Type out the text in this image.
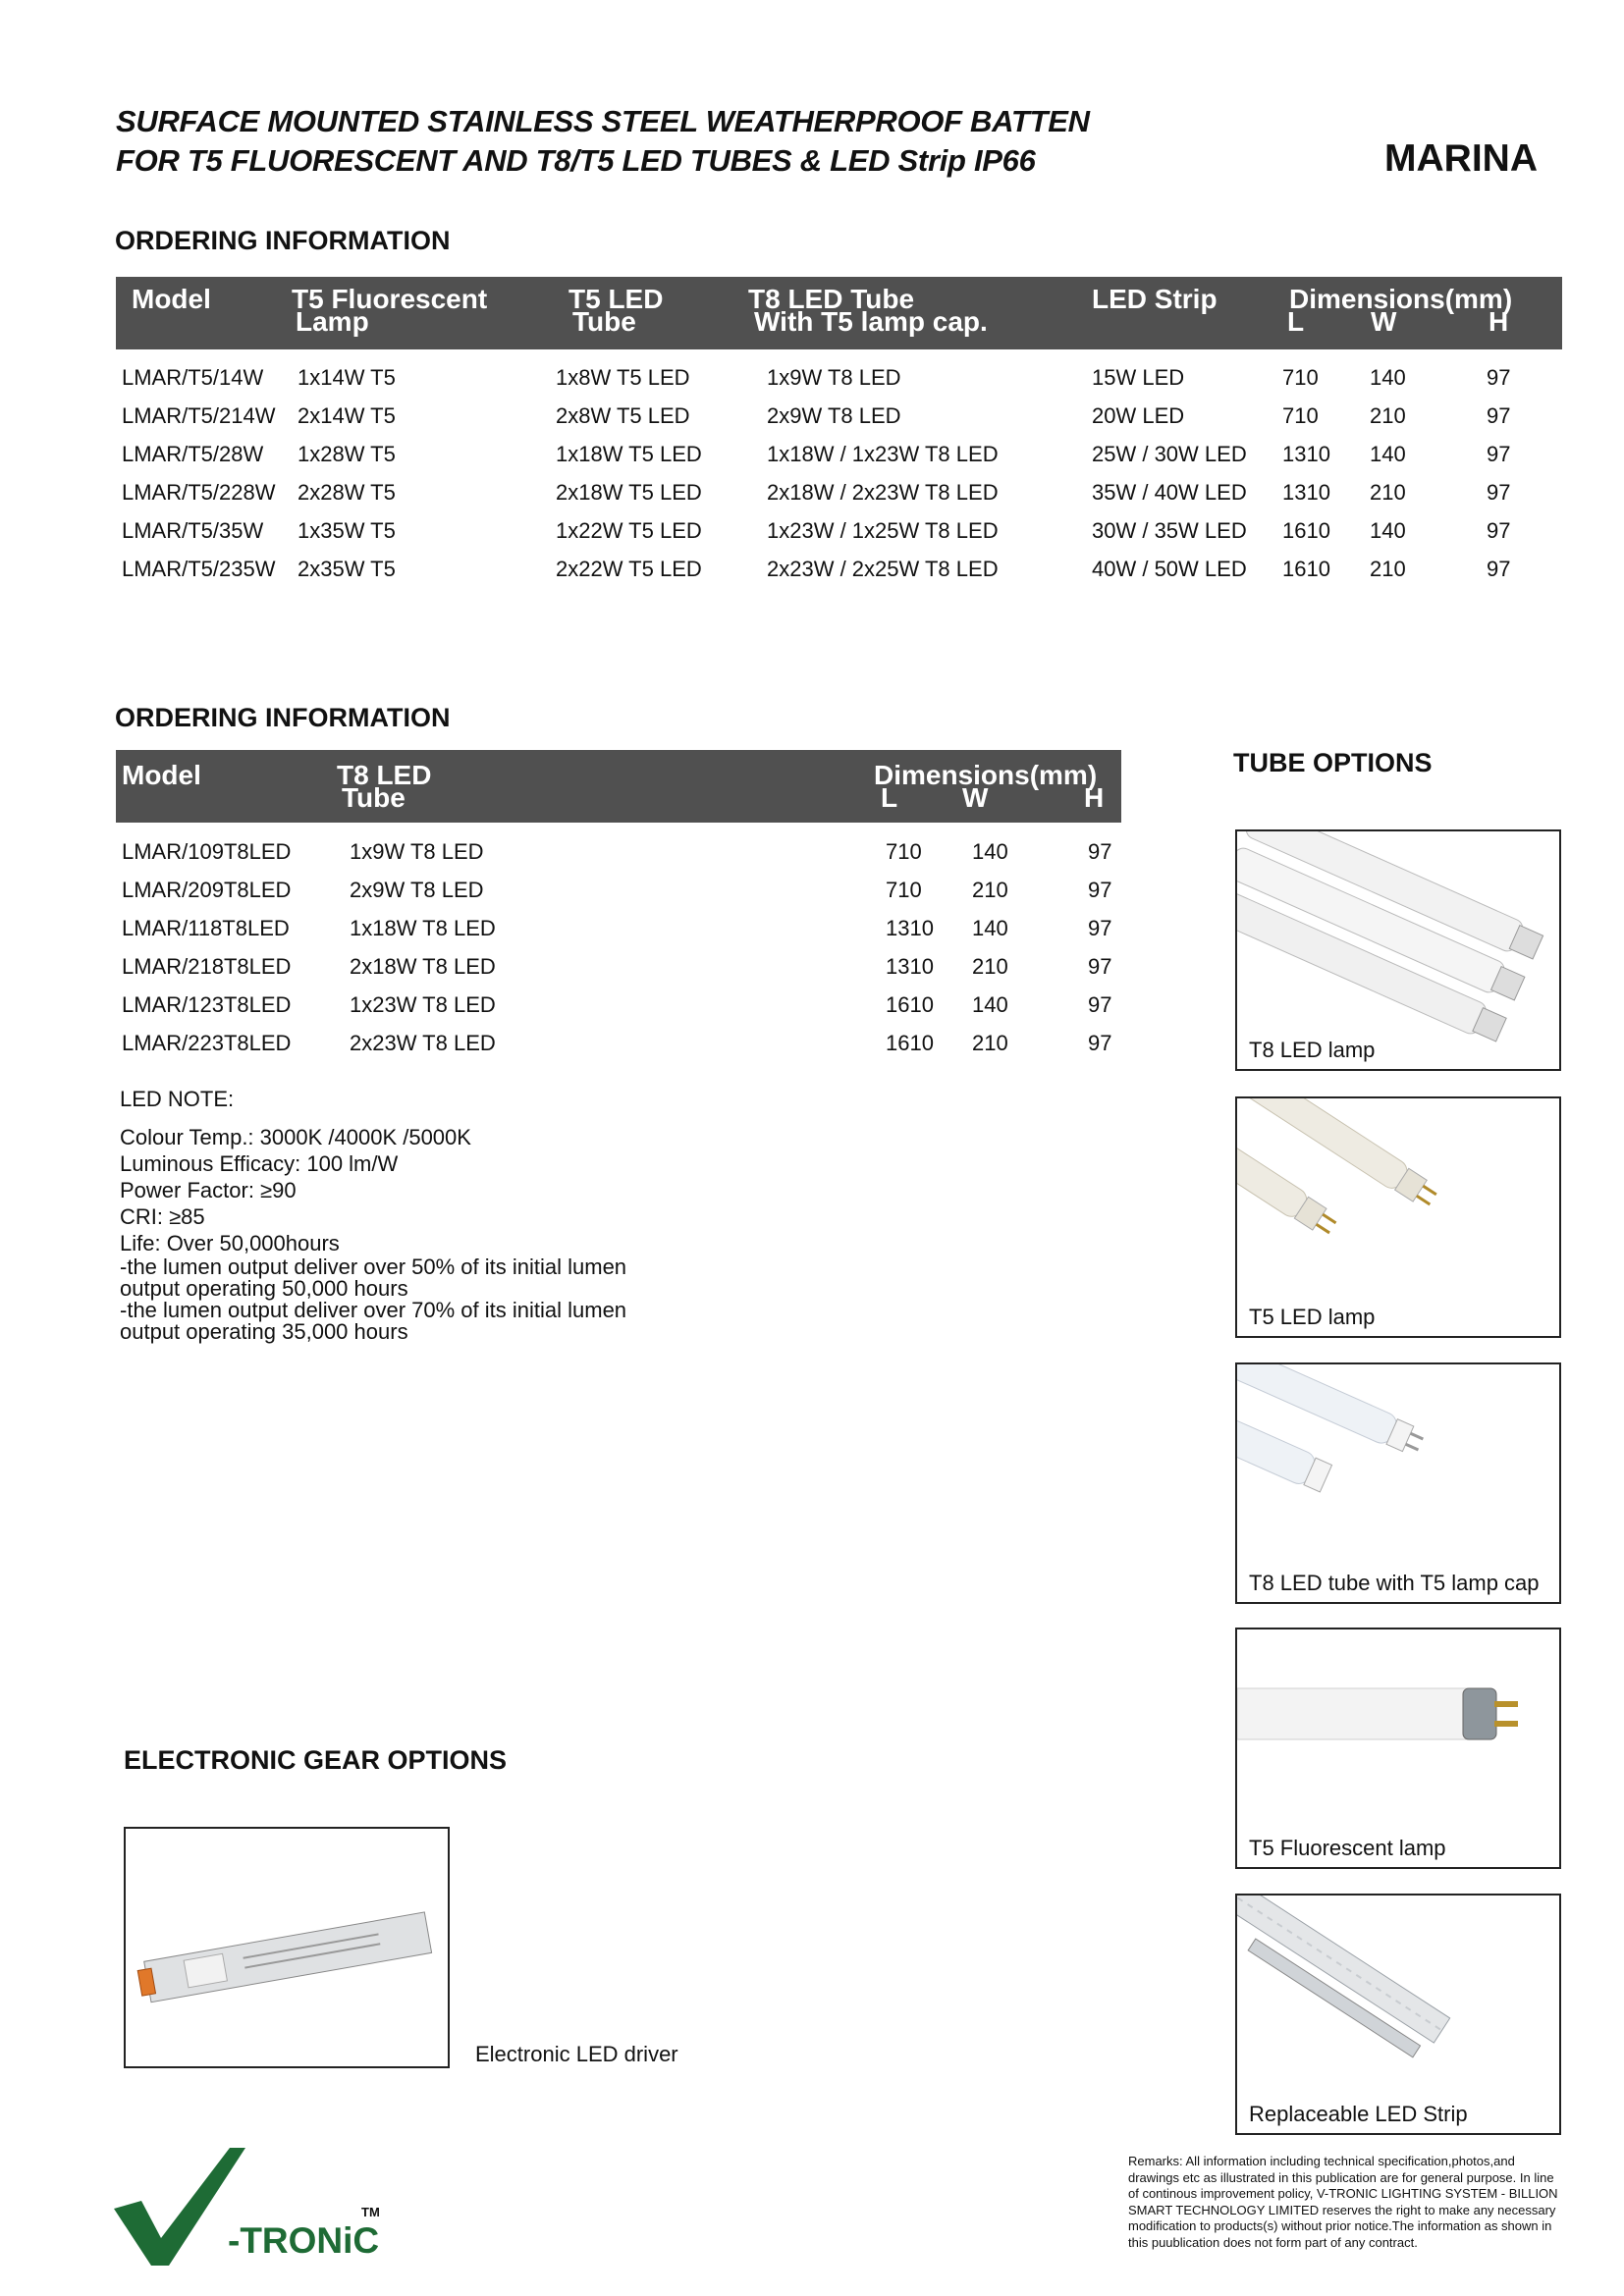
SURFACE MOUNTED STAINLESS STEEL WEATHERPROOF BATTEN
FOR T5 FLUORESCENT AND T8/T5 LED TUBES & LED Strip IP66	MARINA
ORDERING INFORMATION
Model	T5 Fluorescent
Lamp
T5 LED
Tube
T8 LED Tube
With T5 lamp cap.
LED Strip	Dimensions(mm)
L W	H
LMAR/T5/14W 1x14W T5	1x8W T5 LED	1x9W T8 LED	15W LED	710 140	97
LMAR/T5/214W 2x14W T5	2x8W T5 LED	2x9W T8 LED	20W LED	710 210	97
LMAR/T5/28W 1x28W T5	1x18W T5 LED	1x18W / 1x23W T8 LED	25W / 30W LED 1310 140	97
LMAR/T5/228W 2x28W T5	2x18W T5 LED	2x18W / 2x23W T8 LED	35W / 40W LED 1310 210	97
LMAR/T5/35W 1x35W T5	1x22W T5 LED	1x23W / 1x25W T8 LED	30W / 35W LED 1610 140	97
LMAR/T5/235W 2x35W T5	2x22W T5 LED	2x23W / 2x25W T8 LED	40W / 50W LED 1610 210	97
ORDERING INFORMATION
Model	T8 LED
Tube
Dimensions(mm)
L W	H
LMAR/109T8LED	1x9W T8 LED	710 140	97
LMAR/209T8LED	2x9W T8 LED	710 210	97
LMAR/118T8LED	1x18W T8 LED	1310 140	97
LMAR/218T8LED	2x18W T8 LED	1310 210	97
LMAR/123T8LED	1x23W T8 LED	1610 140	97
LMAR/223T8LED	2x23W T8 LED	1610 210	97

LED NOTE:

Colour Temp.: 3000K /4000K /5000K

Luminous Efficacy: 100 lm/W

Power Factor: ≥90

CRI: ≥85

Life: Over 50,000hours

-the lumen output deliver over 50% of its initial lumen

output operating 50,000 hours

-the lumen output deliver over 70% of its initial lumen

output operating 35,000 hours

TUBE OPTIONS
T8 LED lamp
T5 LED lamp
T8 LED tube with T5 lamp cap
T5 Fluorescent lamp
Replaceable LED Strip
ELECTRONIC GEAR OPTIONS
Electronic LED driver
-TRONiC
TM
Remarks: All information including technical specification,photos,and drawings etc as illustrated in this publication are for general purpose. In line of continous improvement policy, V-TRONIC LIGHTING SYSTEM - BILLION SMART TECHNOLOGY LIMITED reserves the right to make any necessary modification to products(s) without prior notice.The information as shown in this puublication does not form part of any contract.
